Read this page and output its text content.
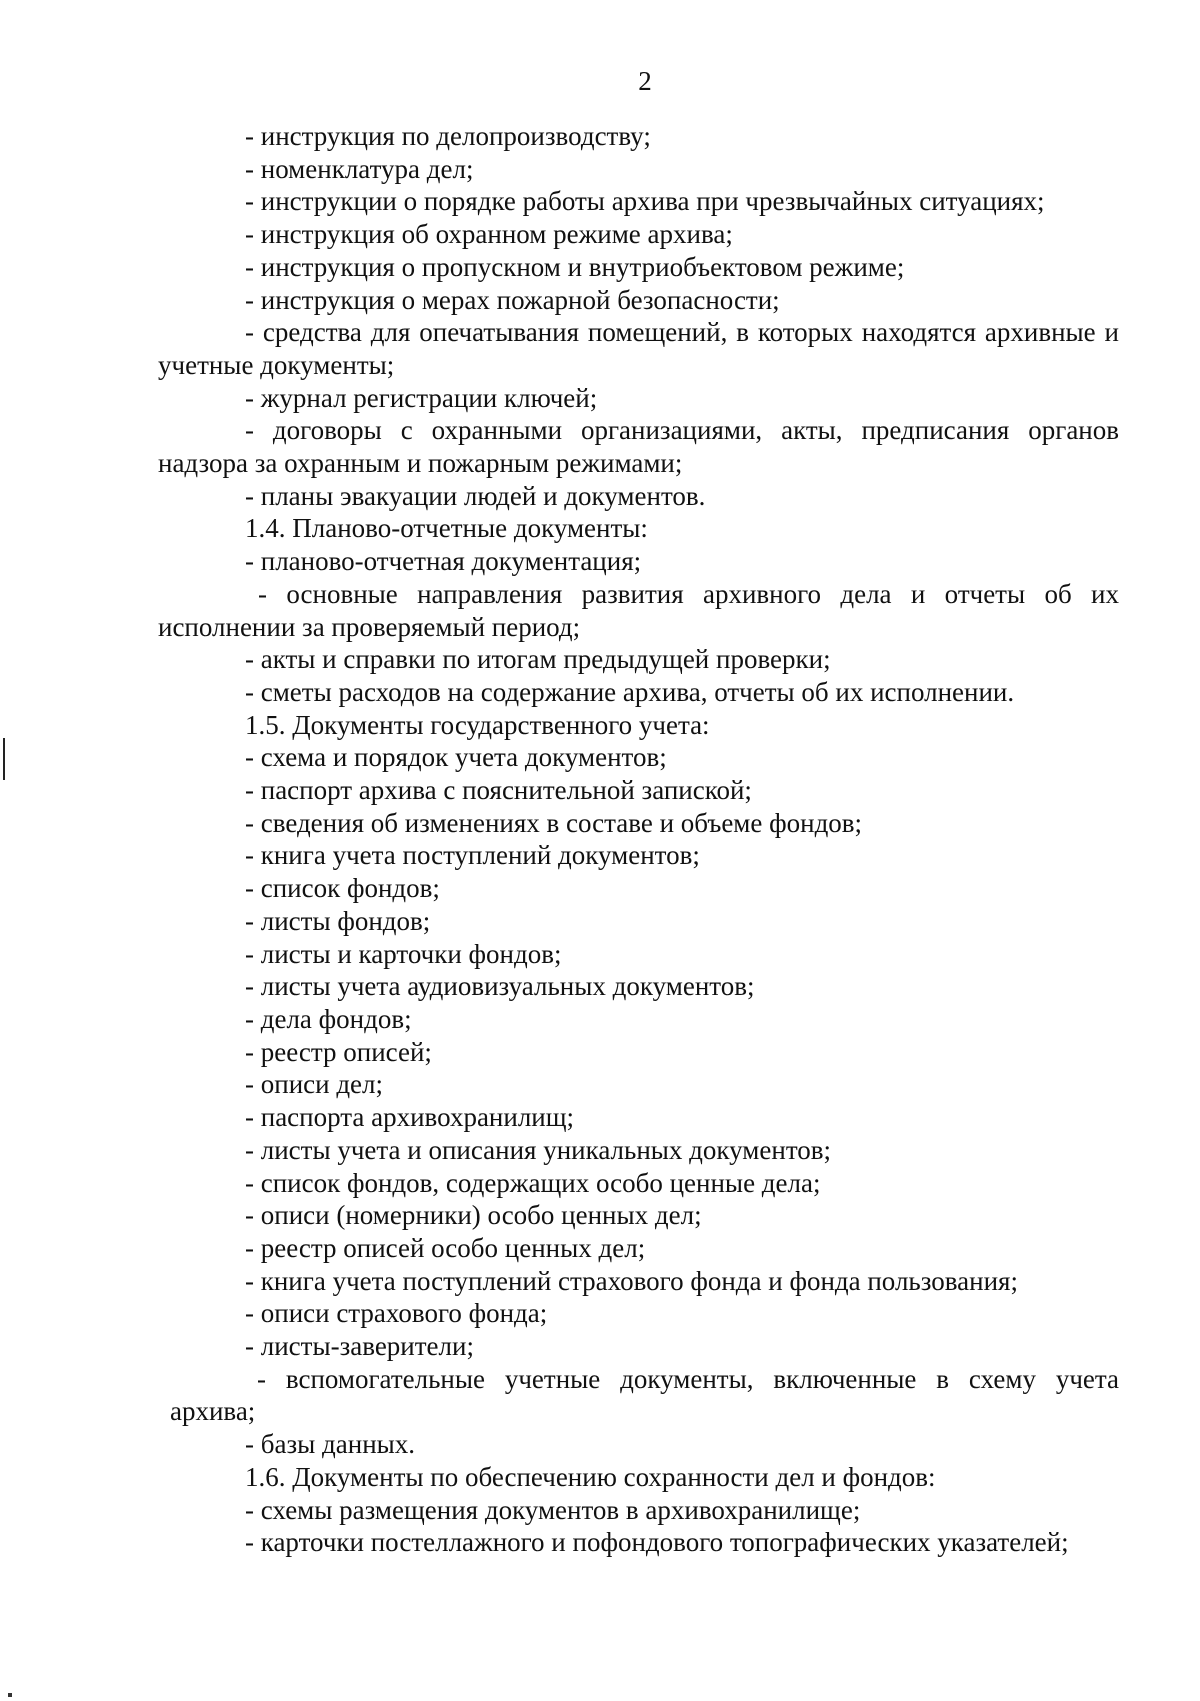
2
- инструкция по делопроизводству;
- номенклатура дел;
- инструкции о порядке работы архива при чрезвычайных ситуациях;
- инструкция об охранном режиме архива;
- инструкция о пропускном и внутриобъектовом режиме;
- инструкция о мерах пожарной безопасности;
- средства для опечатывания помещений, в которых находятся архивные и учетные документы;
- журнал регистрации ключей;
- договоры с охранными организациями, акты, предписания органов надзора за охранным и пожарным режимами;
- планы эвакуации людей и документов.
1.4. Планово-отчетные документы:
- планово-отчетная документация;
- основные направления развития архивного дела и отчеты об их исполнении за проверяемый период;
- акты и справки по итогам предыдущей проверки;
- сметы расходов на содержание архива, отчеты об их исполнении.
1.5. Документы государственного учета:
- схема и порядок учета документов;
- паспорт архива с пояснительной запиской;
- сведения об изменениях в составе и объеме фондов;
- книга учета поступлений документов;
- список фондов;
- листы фондов;
- листы и карточки фондов;
- листы учета аудиовизуальных документов;
- дела фондов;
- реестр описей;
- описи дел;
- паспорта архивохранилищ;
- листы учета и описания уникальных документов;
- список фондов, содержащих особо ценные дела;
- описи (номерники) особо ценных дел;
- реестр описей особо ценных дел;
- книга учета поступлений страхового фонда и фонда пользования;
- описи страхового фонда;
- листы-заверители;
- вспомогательные учетные документы, включенные в схему учета архива;
- базы данных.
1.6. Документы по обеспечению сохранности дел и фондов:
- схемы размещения документов в архивохранилище;
- карточки постеллажного и пофондового топографических указателей;
